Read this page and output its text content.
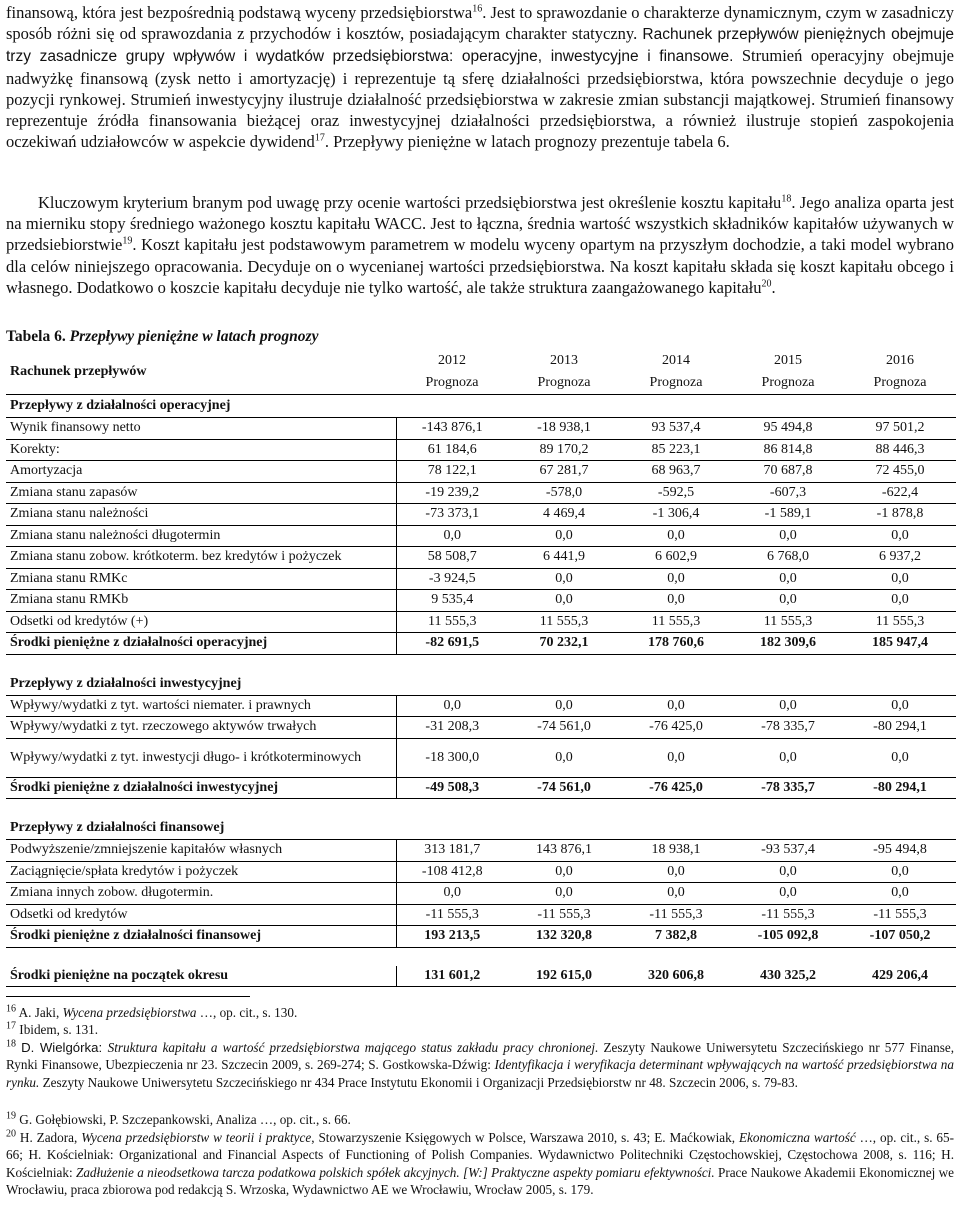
finansową, która jest bezpośrednią podstawą wyceny przedsiębiorstwa$^{16}$. Jest to sprawozdanie o charakterze dynamicznym, czym w zasadniczy sposób różni się od sprawozdania z przychodów i kosztów, posiadającym charakter statyczny. Rachunek przepływów pieniężnych obejmuje trzy zasadnicze grupy wpływów i wydatków przedsiębiorstwa: operacyjne, inwestycyjne i finansowe. Strumień operacyjny obejmuje nadwyżkę finansową (zysk netto i amortyzację) i reprezentuje tą sferę działalności przedsiębiorstwa, która powszechnie decyduje o jego pozycji rynkowej. Strumień inwestycyjny ilustruje działalność przedsiębiorstwa w zakresie zmian substancji majątkowej. Strumień finansowy reprezentuje źródła finansowania bieżącej oraz inwestycyjnej działalności przedsiębiorstwa, a również ilustruje stopień zaspokojenia oczekiwań udziałowców w aspekcie dywidend$^{17}$. Przepływy pieniężne w latach prognozy prezentuje tabela 6.

Kluczowym kryterium branym pod uwagę przy ocenie wartości przedsiębiorstwa jest określenie kosztu kapitału$^{18}$. Jego analiza oparta jest na mierniku stopy średniego ważonego kosztu kapitału WACC. Jest to łączna, średnia wartość wszystkich składników kapitałów używanych w przedsiebiorstwie$^{19}$. Koszt kapitału jest podstawowym parametrem w modelu wyceny opartym na przyszłym dochodzie, a taki model wybrano dla celów niniejszego opracowania. Decyduje on o wycenianej wartości przedsiębiorstwa. Na koszt kapitału składa się koszt kapitału obcego i własnego. Dodatkowo o koszcie kapitału decyduje nie tylko wartość, ale także struktura zaangażowanego kapitału$^{20}$.

Tabela 6. Przepływy pieniężne w latach prognozy

Rachunek przepływów	2012	2013	2014	2015	2016
	Prognoza	Prognoza	Prognoza	Prognoza	Prognoza
Przepływy z działalności operacyjnej					
Wynik finansowy netto	-143 876,1	-18 938,1	93 537,4	95 494,8	97 501,2
Korekty:	61 184,6	89 170,2	85 223,1	86 814,8	88 446,3
Amortyzacja	78 122,1	67 281,7	68 963,7	70 687,8	72 455,0
Zmiana stanu zapasów	-19 239,2	-578,0	-592,5	-607,3	-622,4
Zmiana stanu należności	-73 373,1	4 469,4	-1 306,4	-1 589,1	-1 878,8
Zmiana stanu należności długotermin	0,0	0,0	0,0	0,0	0,0
Zmiana stanu zobow. krótkoterm. bez kredytów i pożyczek	58 508,7	6 441,9	6 602,9	6 768,0	6 937,2
Zmiana stanu RMKc	-3 924,5	0,0	0,0	0,0	0,0
Zmiana stanu RMKb	9 535,4	0,0	0,0	0,0	0,0
Odsetki od kredytów (+)	11 555,3	11 555,3	11 555,3	11 555,3	11 555,3
Środki pieniężne z działalności operacyjnej	-82 691,5	70 232,1	178 760,6	182 309,6	185 947,4

Przepływy z działalności inwestycyjnej					
Wpływy/wydatki z tyt. wartości niemater. i prawnych	0,0	0,0	0,0	0,0	0,0
Wpływy/wydatki z tyt. rzeczowego aktywów trwałych	-31 208,3	-74 561,0	-76 425,0	-78 335,7	-80 294,1
Wpływy/wydatki z tyt. inwestycji długo- i krótkoterminowych	-18 300,0	0,0	0,0	0,0	0,0
Środki pieniężne z działalności inwestycyjnej	-49 508,3	-74 561,0	-76 425,0	-78 335,7	-80 294,1

Przepływy z działalności finansowej					
Podwyższenie/zmniejszenie kapitałów własnych	313 181,7	143 876,1	18 938,1	-93 537,4	-95 494,8
Zaciągnięcie/spłata kredytów i pożyczek	-108 412,8	0,0	0,0	0,0	0,0
Zmiana innych zobow. długotermin.	0,0	0,0	0,0	0,0	0,0
Odsetki od kredytów	-11 555,3	-11 555,3	-11 555,3	-11 555,3	-11 555,3
Środki pieniężne z działalności finansowej	193 213,5	132 320,8	7 382,8	-105 092,8	-107 050,2

Środki pieniężne na początek okresu	131 601,2	192 615,0	320 606,8	430 325,2	429 206,4

$^{16}$ A. Jaki, Wycena przedsiębiorstwa …, op. cit., s. 130.

$^{17}$ Ibidem, s. 131.

$^{18}$ D. Wielgórka: Struktura kapitału a wartość przedsiębiorstwa mającego status zakładu pracy chronionej. Zeszyty Naukowe Uniwersytetu Szczecińskiego nr 577 Finanse, Rynki Finansowe, Ubezpieczenia nr 23. Szczecin 2009, s. 269-274; S. Gostkowska-Dźwig: Identyfikacja i weryfikacja determinant wpływających na wartość przedsiębiorstwa na rynku. Zeszyty Naukowe Uniwersytetu Szczecińskiego nr 434 Prace Instytutu Ekonomii i Organizacji Przedsiębiorstw nr 48. Szczecin 2006, s. 79-83.

$^{19}$ G. Gołębiowski, P. Szczepankowski, Analiza …, op. cit., s. 66.

$^{20}$ H. Zadora, Wycena przedsiębiorstw w teorii i praktyce, Stowarzyszenie Księgowych w Polsce, Warszawa 2010, s. 43; E. Maćkowiak, Ekonomiczna wartość …, op. cit., s. 65-66; H. Kościelniak: Organizational and Financial Aspects of Functioning of Polish Companies. Wydawnictwo Politechniki Częstochowskiej, Częstochowa 2008, s. 116; H. Kościelniak: Zadłużenie a nieodsetkowa tarcza podatkowa polskich spółek akcyjnych. [W:] Praktyczne aspekty pomiaru efektywności. Prace Naukowe Akademii Ekonomicznej we Wrocławiu, praca zbiorowa pod redakcją S. Wrzoska, Wydawnictwo AE we Wrocławiu, Wrocław 2005, s. 179.
